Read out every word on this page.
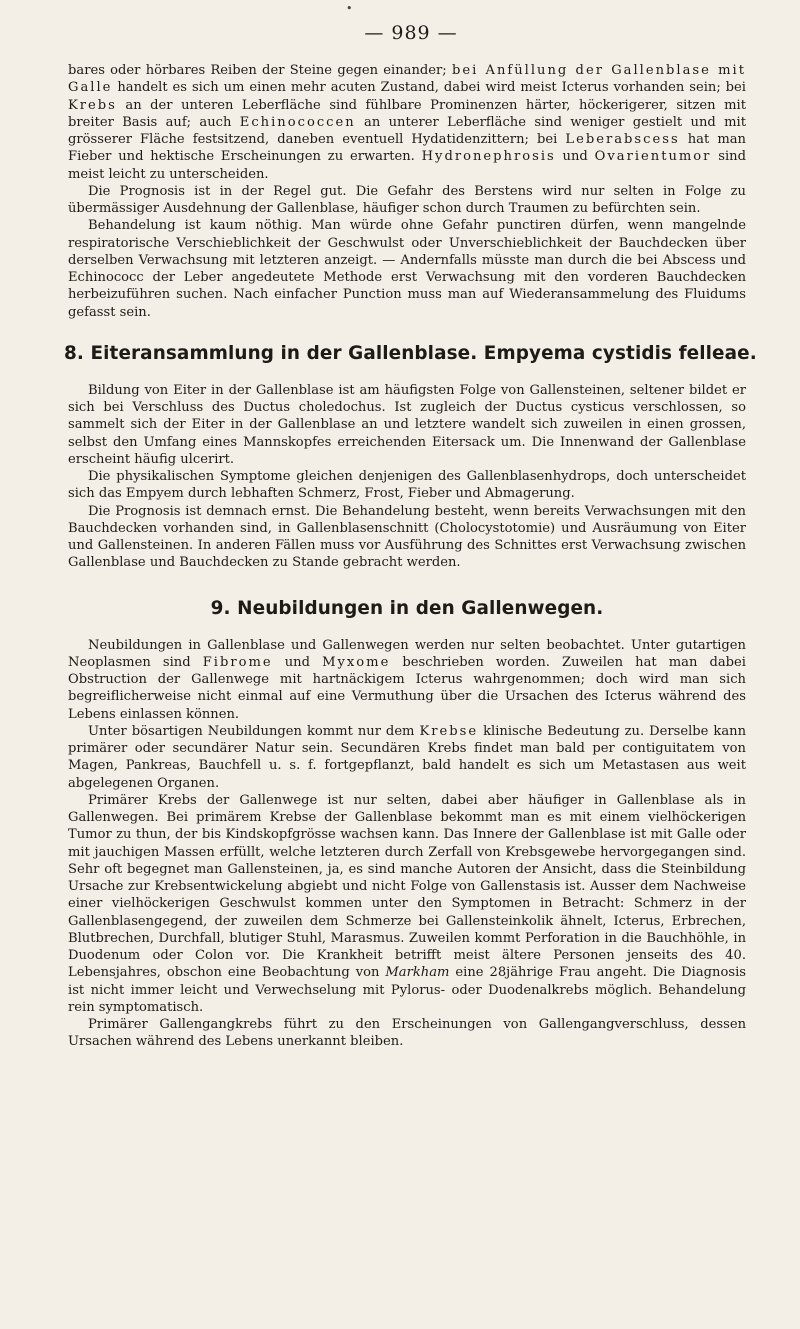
•
— 989 —

bares oder hörbares Reiben der Steine gegen einander; bei Anfüllung der Gallenblase mit Galle handelt es sich um einen mehr acuten Zustand, dabei wird meist Icterus vorhanden sein; bei Krebs an der unteren Leberfläche sind fühlbare Prominenzen härter, höckerigerer, sitzen mit breiter Basis auf; auch Echinococcen an unterer Leberfläche sind weniger gestielt und mit grösserer Fläche festsitzend, daneben eventuell Hydatidenzittern; bei Leberabscess hat man Fieber und hektische Erscheinungen zu erwarten. Hydronephrosis und Ovarientumor sind meist leicht zu unterscheiden.

Die Prognosis ist in der Regel gut. Die Gefahr des Berstens wird nur selten in Folge zu übermässiger Ausdehnung der Gallenblase, häufiger schon durch Traumen zu befürchten sein.

Behandelung ist kaum nöthig. Man würde ohne Gefahr punctiren dürfen, wenn mangelnde respiratorische Verschieblichkeit der Geschwulst oder Unverschieblichkeit der Bauchdecken über derselben Verwachsung mit letzteren anzeigt. — Andernfalls müsste man durch die bei Abscess und Echinococc der Leber angedeutete Methode erst Verwachsung mit den vorderen Bauchdecken herbeizuführen suchen. Nach einfacher Punction muss man auf Wiederansammelung des Fluidums gefasst sein.

8. Eiteransammlung in der Gallenblase. Empyema cystidis felleae.

Bildung von Eiter in der Gallenblase ist am häufigsten Folge von Gallensteinen, seltener bildet er sich bei Verschluss des Ductus choledochus. Ist zugleich der Ductus cysticus verschlossen, so sammelt sich der Eiter in der Gallenblase an und letztere wandelt sich zuweilen in einen grossen, selbst den Umfang eines Mannskopfes erreichenden Eitersack um. Die Innenwand der Gallenblase erscheint häufig ulcerirt.

Die physikalischen Symptome gleichen denjenigen des Gallenblasenhydrops, doch unterscheidet sich das Empyem durch lebhaften Schmerz, Frost, Fieber und Abmagerung.

Die Prognosis ist demnach ernst. Die Behandelung besteht, wenn bereits Verwachsungen mit den Bauchdecken vorhanden sind, in Gallenblasenschnitt (Cholocystotomie) und Ausräumung von Eiter und Gallensteinen. In anderen Fällen muss vor Ausführung des Schnittes erst Verwachsung zwischen Gallenblase und Bauchdecken zu Stande gebracht werden.

9. Neubildungen in den Gallenwegen.

Neubildungen in Gallenblase und Gallenwegen werden nur selten beobachtet. Unter gutartigen Neoplasmen sind Fibrome und Myxome beschrieben worden. Zuweilen hat man dabei Obstruction der Gallenwege mit hartnäckigem Icterus wahrgenommen; doch wird man sich begreiflicherweise nicht einmal auf eine Vermuthung über die Ursachen des Icterus während des Lebens einlassen können.

Unter bösartigen Neubildungen kommt nur dem Krebse klinische Bedeutung zu. Derselbe kann primärer oder secundärer Natur sein. Secundären Krebs findet man bald per contiguitatem von Magen, Pankreas, Bauchfell u. s. f. fortgepflanzt, bald handelt es sich um Metastasen aus weit abgelegenen Organen.

Primärer Krebs der Gallenwege ist nur selten, dabei aber häufiger in Gallenblase als in Gallenwegen. Bei primärem Krebse der Gallenblase bekommt man es mit einem vielhöckerigen Tumor zu thun, der bis Kindskopfgrösse wachsen kann. Das Innere der Gallenblase ist mit Galle oder mit jauchigen Massen erfüllt, welche letzteren durch Zerfall von Krebsgewebe hervorgegangen sind. Sehr oft begegnet man Gallensteinen, ja, es sind manche Autoren der Ansicht, dass die Steinbildung Ursache zur Krebsentwickelung abgiebt und nicht Folge von Gallenstasis ist. Ausser dem Nachweise einer vielhöckerigen Geschwulst kommen unter den Symptomen in Betracht: Schmerz in der Gallenblasengegend, der zuweilen dem Schmerze bei Gallensteinkolik ähnelt, Icterus, Erbrechen, Blutbrechen, Durchfall, blutiger Stuhl, Marasmus. Zuweilen kommt Perforation in die Bauchhöhle, in Duodenum oder Colon vor. Die Krankheit betrifft meist ältere Personen jenseits des 40. Lebensjahres, obschon eine Beobachtung von Markham eine 28jährige Frau angeht. Die Diagnosis ist nicht immer leicht und Verwechselung mit Pylorus- oder Duodenalkrebs möglich. Behandelung rein symptomatisch.

Primärer Gallengangkrebs führt zu den Erscheinungen von Gallengangverschluss, dessen Ursachen während des Lebens unerkannt bleiben.
